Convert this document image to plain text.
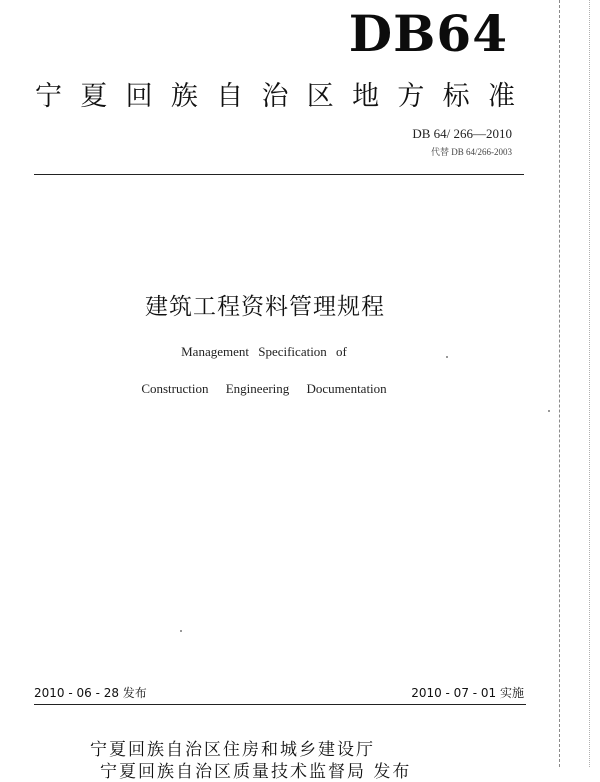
DB64
宁 夏 回 族 自 治 区 地 方 标 准
DB 64/ 266—2010
代替 DB 64/266-2003
建筑工程资料管理规程
Management Specification of
Construction Engineering Documentation
2010 - 06 - 28 发布	2010 - 07 - 01 实施
宁夏回族自治区住房和城乡建设厅
宁夏回族自治区质量技术监督局 发布
